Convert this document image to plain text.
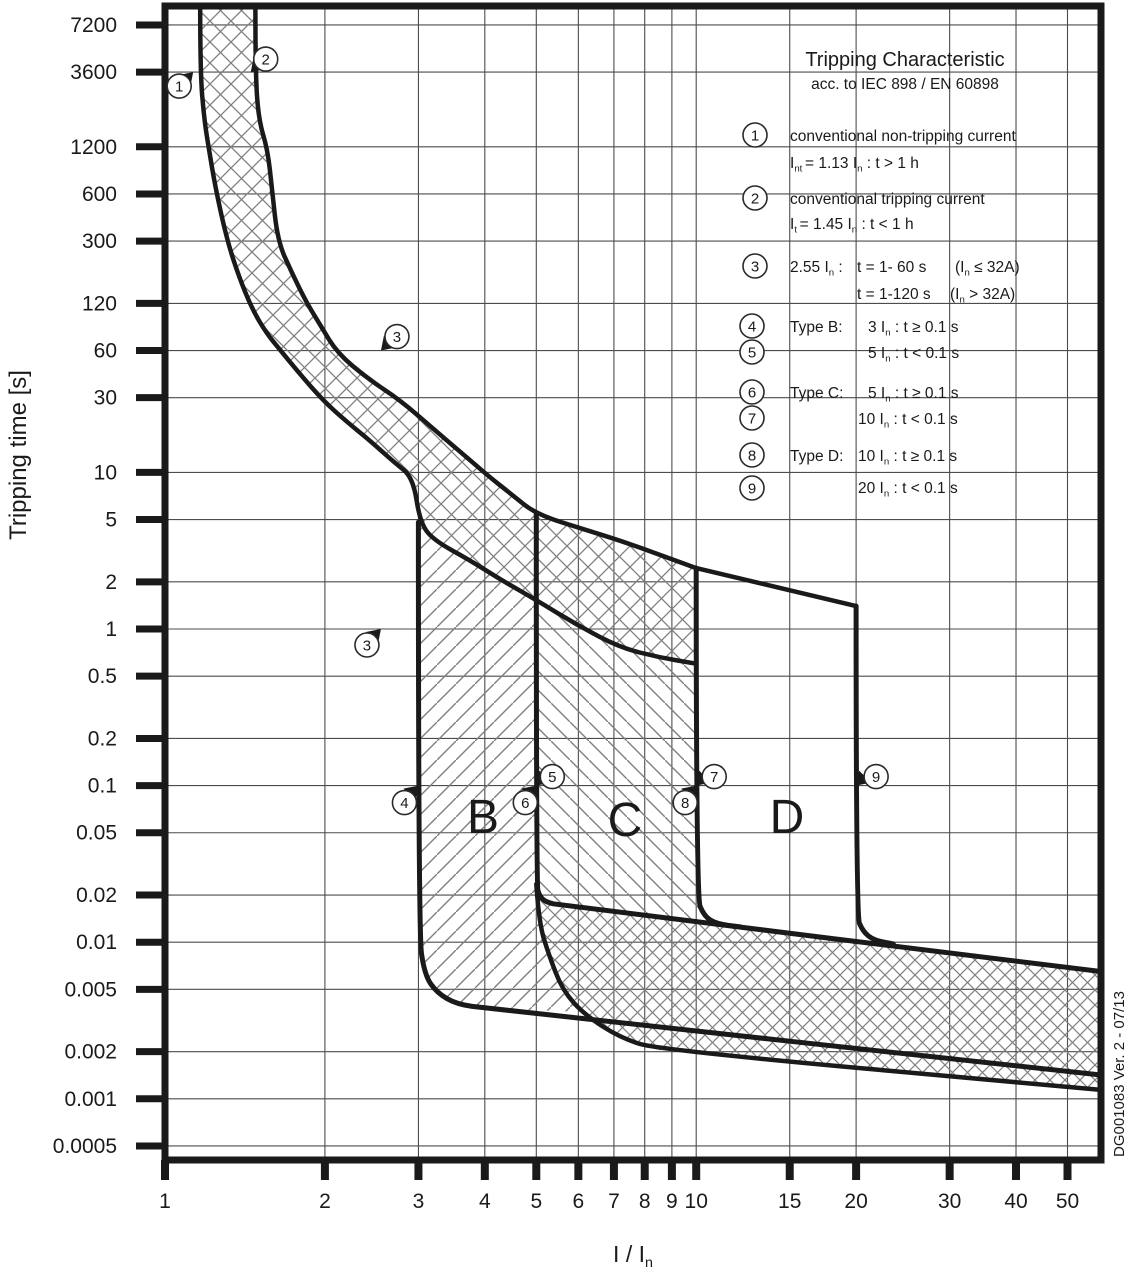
7200
3600
1200
600
300
120
60
30
10
5
2
1
0.5
0.2
0.1
0.05
0.02
0.01
0.005
0.002
0.001
0.0005
1	2	3	4 5 6 7 8 9 10	15 20	30 40 50
Tripping time [s]
I / $I_n$
DG001083 Ver. 2 - 07/13
B C	D
1
2
3
3
4
5
6
7
8
9
Tripping Characteristic
acc. to IEC 898 / EN 60898
1 conventional non-tripping current
$I_{nt} = 1.13$ $I_n$ : t > 1 h
2 conventional tripping current
$I_t = 1.45$ $I_n$ : t < 1 h
3 2.55 $I_n$ : t = 1- 60 s $(I_n \le 32A)$
t = 1-120 s $(I_n > 32A)$
4 Type B: 3 $I_n$ : t ≥ 0.1 s
5	5 $I_n$ : t < 0.1 s
6 Type C: 5 $I_n$ : t ≥ 0.1 s
7	10 $I_n$ : t < 0.1 s
8 Type D: 10 $I_n$ : t ≥ 0.1 s
9	20 $I_n$ : t < 0.1 s
